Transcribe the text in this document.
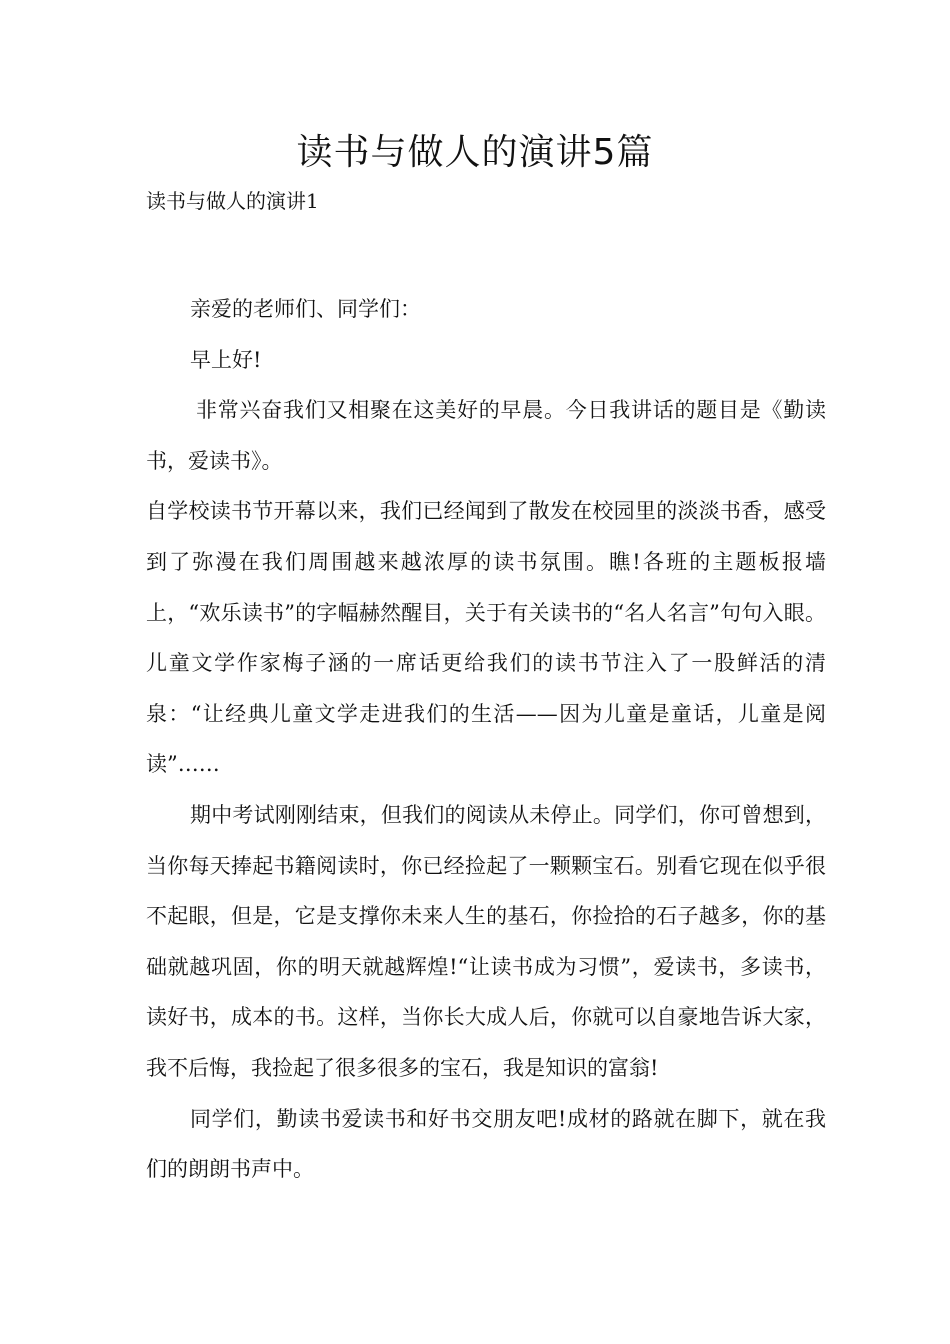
读书与做人的演讲5篇
读书与做人的演讲1

亲爱的老师们、同学们：

早上好!

非常兴奋我们又相聚在这美好的早晨。今日我讲话的题目是《勤读书，爱读书》。

自学校读书节开幕以来，我们已经闻到了散发在校园里的淡淡书香，感受到了弥漫在我们周围越来越浓厚的读书氛围。瞧!各班的主题板报墙上，“欢乐读书”的字幅赫然醒目，关于有关读书的“名人名言”句句入眼。儿童文学作家梅子涵的一席话更给我们的读书节注入了一股鲜活的清泉：“让经典儿童文学走进我们的生活——因为儿童是童话，儿童是阅读”……

期中考试刚刚结束，但我们的阅读从未停止。同学们，你可曾想到，当你每天捧起书籍阅读时，你已经捡起了一颗颗宝石。别看它现在似乎很不起眼，但是，它是支撑你未来人生的基石，你捡拾的石子越多，你的基础就越巩固，你的明天就越辉煌!“让读书成为习惯”，爱读书，多读书，读好书，成本的书。这样，当你长大成人后，你就可以自豪地告诉大家，我不后悔，我捡起了很多很多的宝石，我是知识的富翁!

同学们，勤读书爱读书和好书交朋友吧!成材的路就在脚下，就在我们的朗朗书声中。
